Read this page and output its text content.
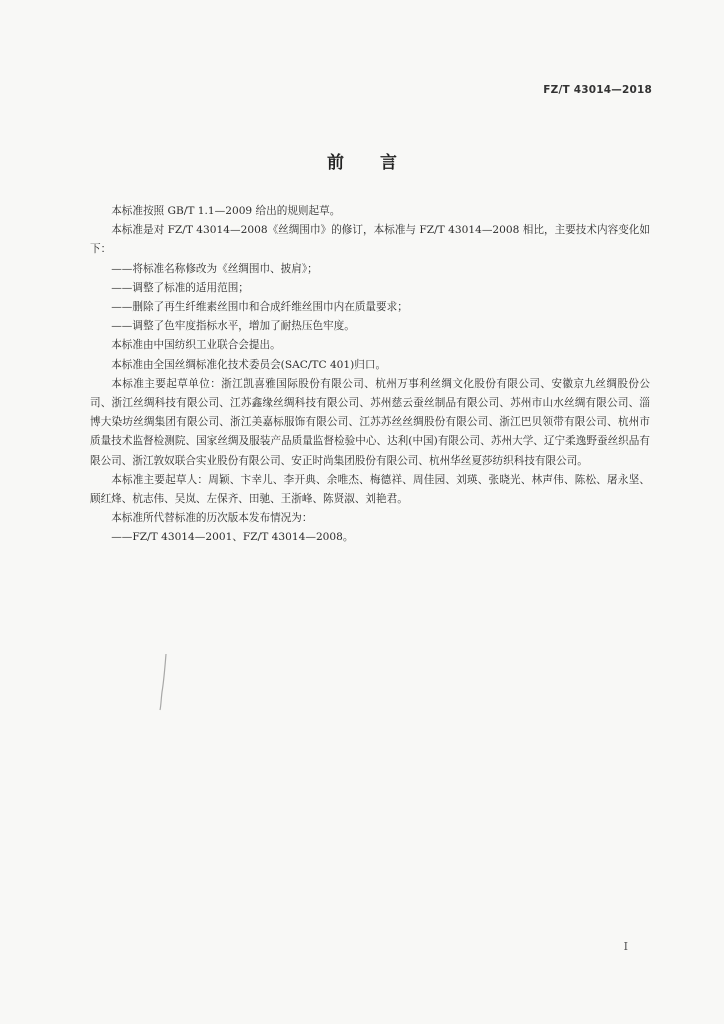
FZ/T 43014—2018
前言

本标准按照 GB/T 1.1—2009 给出的规则起草。

本标准是对 FZ/T 43014—2008《丝绸围巾》的修订，本标准与 FZ/T 43014—2008 相比，主要技术内容变化如下：

——将标准名称修改为《丝绸围巾、披肩》；

——调整了标准的适用范围；

——删除了再生纤维素丝围巾和合成纤维丝围巾内在质量要求；

——调整了色牢度指标水平，增加了耐热压色牢度。

本标准由中国纺织工业联合会提出。

本标准由全国丝绸标准化技术委员会(SAC/TC 401)归口。

本标准主要起草单位：浙江凯喜雅国际股份有限公司、杭州万事利丝绸文化股份有限公司、安徽京九丝绸股份公司、浙江丝绸科技有限公司、江苏鑫缘丝绸科技有限公司、苏州慈云蚕丝制品有限公司、苏州市山水丝绸有限公司、淄博大染坊丝绸集团有限公司、浙江美嘉标服饰有限公司、江苏苏丝丝绸股份有限公司、浙江巴贝领带有限公司、杭州市质量技术监督检测院、国家丝绸及服装产品质量监督检验中心、达利(中国)有限公司、苏州大学、辽宁柔逸野蚕丝织品有限公司、浙江敦奴联合实业股份有限公司、安正时尚集团股份有限公司、杭州华丝夏莎纺织科技有限公司。

本标准主要起草人：周颖、卞幸儿、李开典、余唯杰、梅德祥、周佳园、刘瑛、张晓光、林声伟、陈松、屠永坚、顾红烽、杭志伟、吴岚、左保齐、田驰、王浙峰、陈贤淑、刘艳君。

本标准所代替标准的历次版本发布情况为：

——FZ/T 43014—2001、FZ/T 43014—2008。

I
